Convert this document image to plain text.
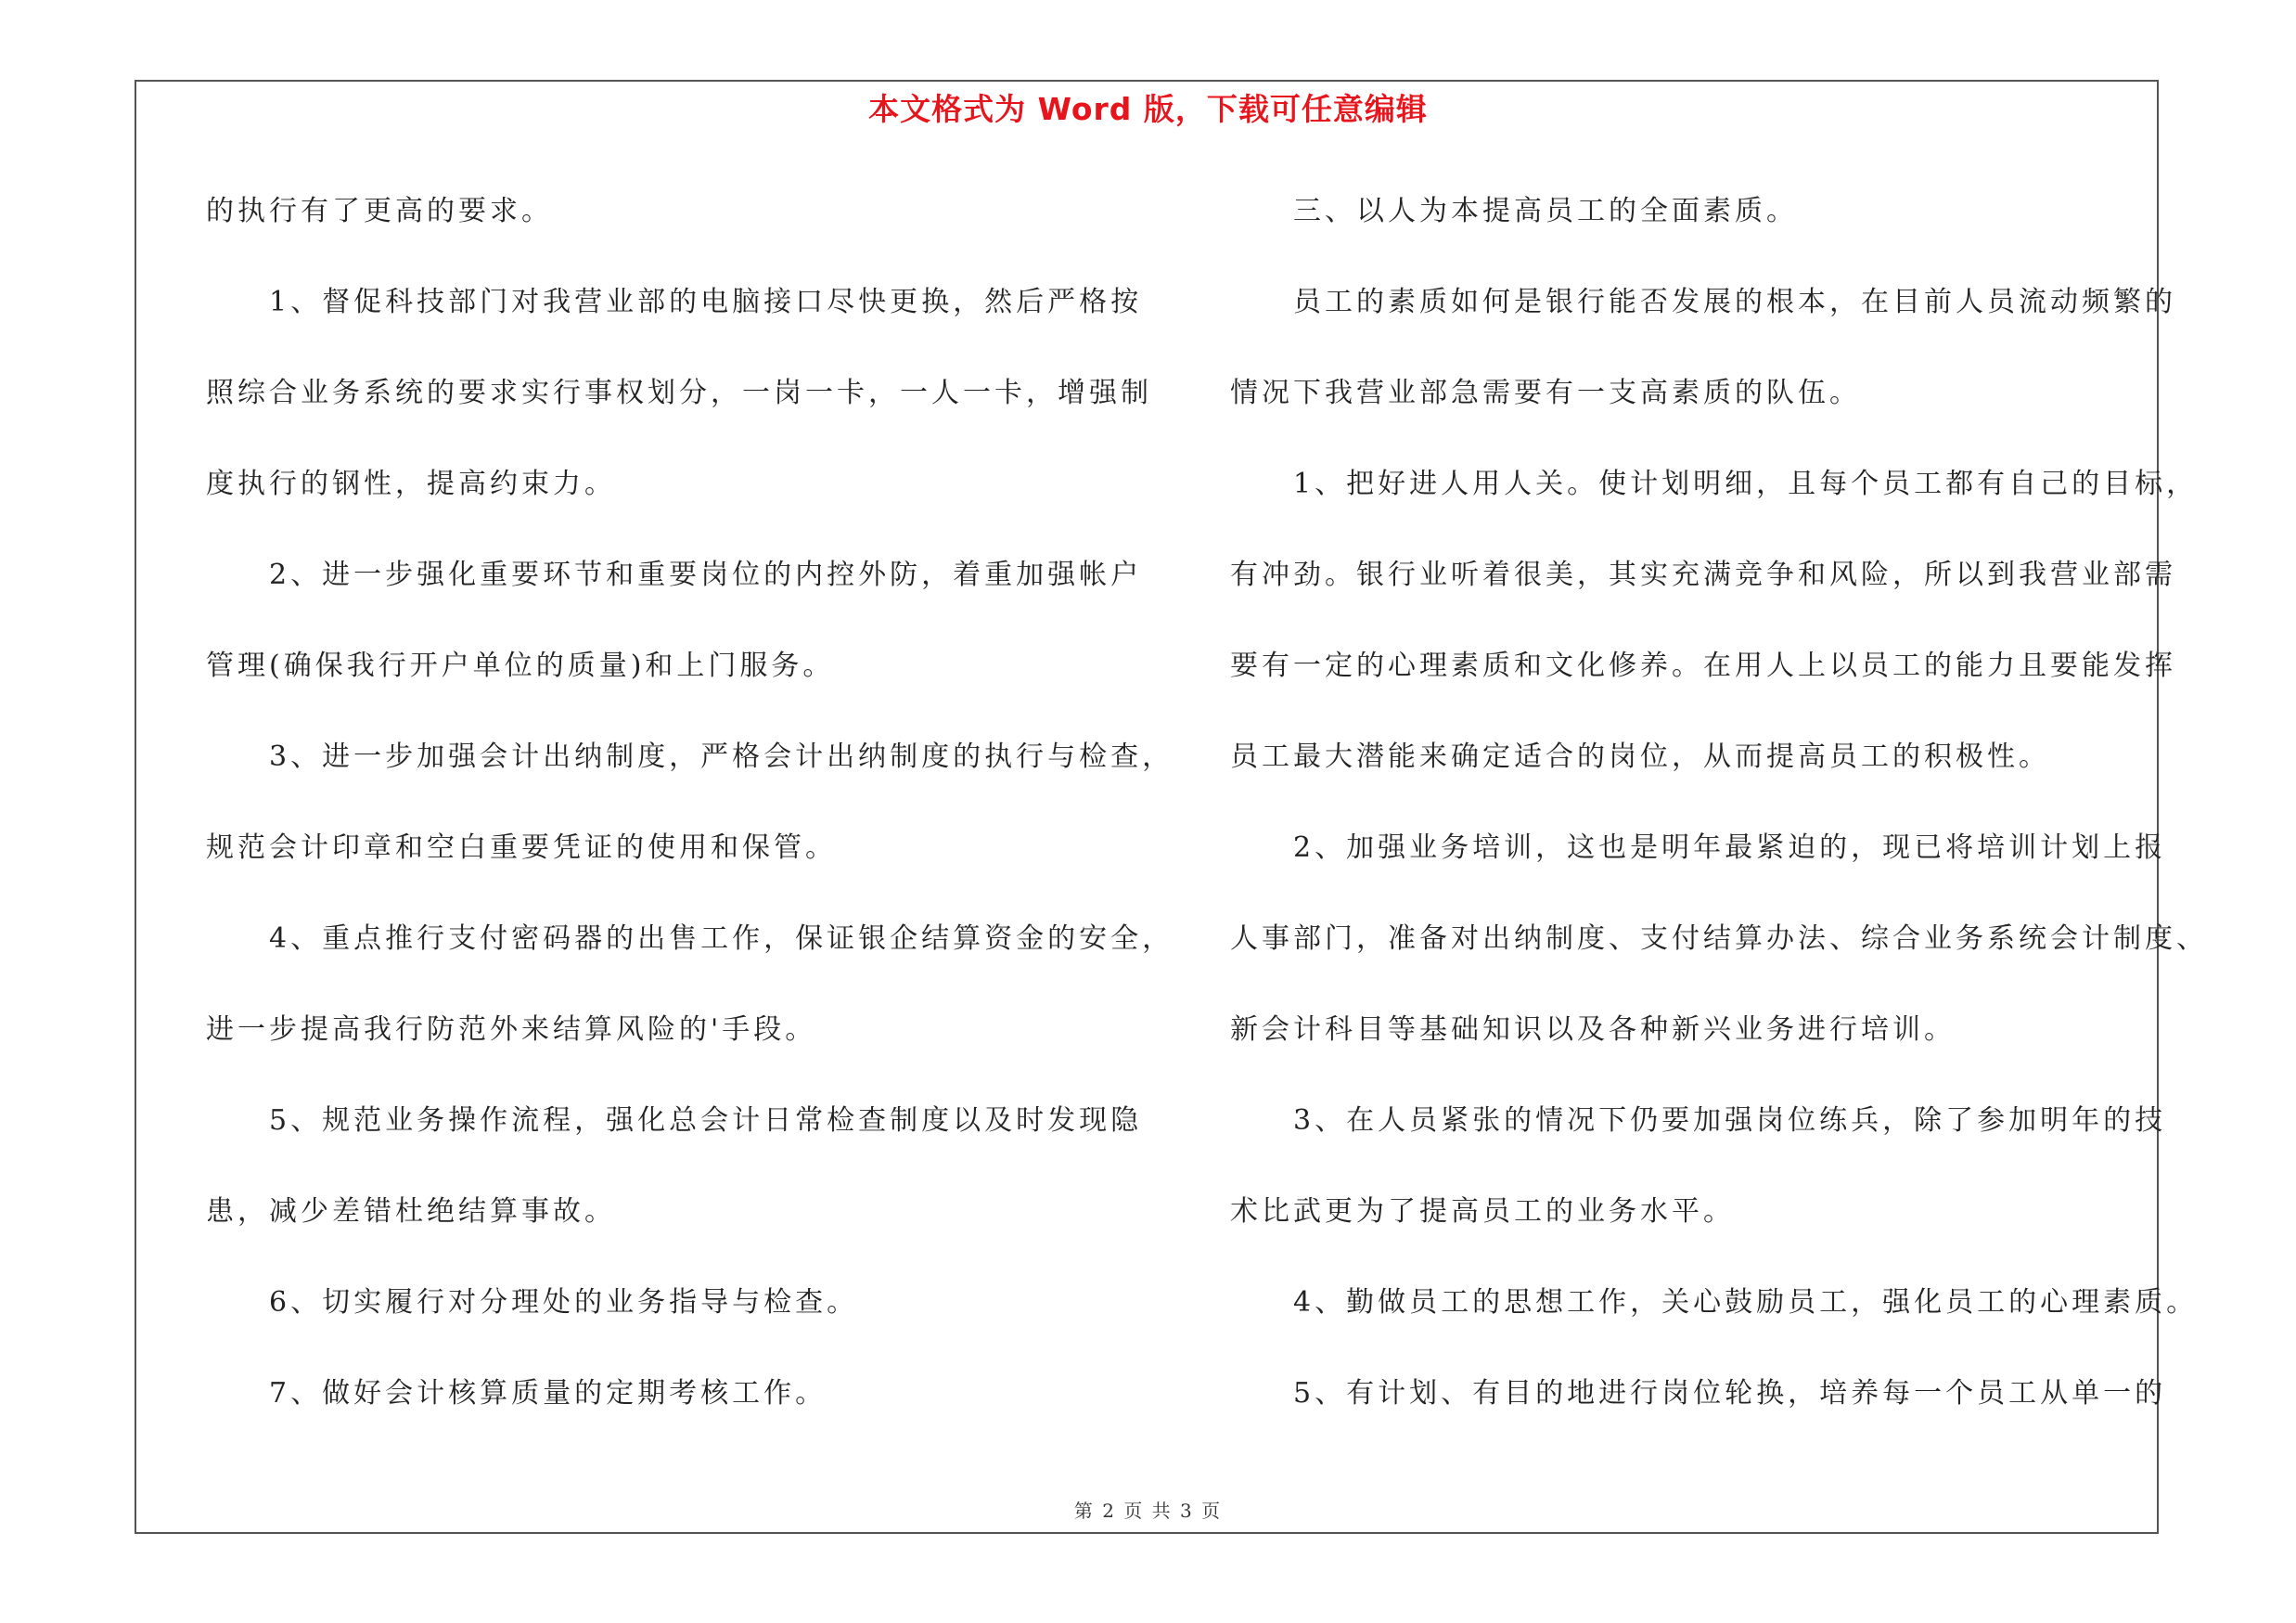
本文格式为 Word 版，下载可任意编辑
的执行有了更高的要求。
　　1、督促科技部门对我营业部的电脑接口尽快更换，然后严格按
照综合业务系统的要求实行事权划分，一岗一卡，一人一卡，增强制
度执行的钢性，提高约束力。
　　2、进一步强化重要环节和重要岗位的内控外防，着重加强帐户
管理(确保我行开户单位的质量)和上门服务。
　　3、进一步加强会计出纳制度，严格会计出纳制度的执行与检查，
规范会计印章和空白重要凭证的使用和保管。
　　4、重点推行支付密码器的出售工作，保证银企结算资金的安全，
进一步提高我行防范外来结算风险的'手段。
　　5、规范业务操作流程，强化总会计日常检查制度以及时发现隐
患，减少差错杜绝结算事故。
　　6、切实履行对分理处的业务指导与检查。
　　7、做好会计核算质量的定期考核工作。
　　三、以人为本提高员工的全面素质。
　　员工的素质如何是银行能否发展的根本，在目前人员流动频繁的
情况下我营业部急需要有一支高素质的队伍。
　　1、把好进人用人关。使计划明细，且每个员工都有自己的目标，
有冲劲。银行业听着很美，其实充满竞争和风险，所以到我营业部需
要有一定的心理素质和文化修养。在用人上以员工的能力且要能发挥
员工最大潜能来确定适合的岗位，从而提高员工的积极性。
　　2、加强业务培训，这也是明年最紧迫的，现已将培训计划上报
人事部门，准备对出纳制度、支付结算办法、综合业务系统会计制度、
新会计科目等基础知识以及各种新兴业务进行培训。
　　3、在人员紧张的情况下仍要加强岗位练兵，除了参加明年的技
术比武更为了提高员工的业务水平。
　　4、勤做员工的思想工作，关心鼓励员工，强化员工的心理素质。
　　5、有计划、有目的地进行岗位轮换，培养每一个员工从单一的
第 2 页 共 3 页
